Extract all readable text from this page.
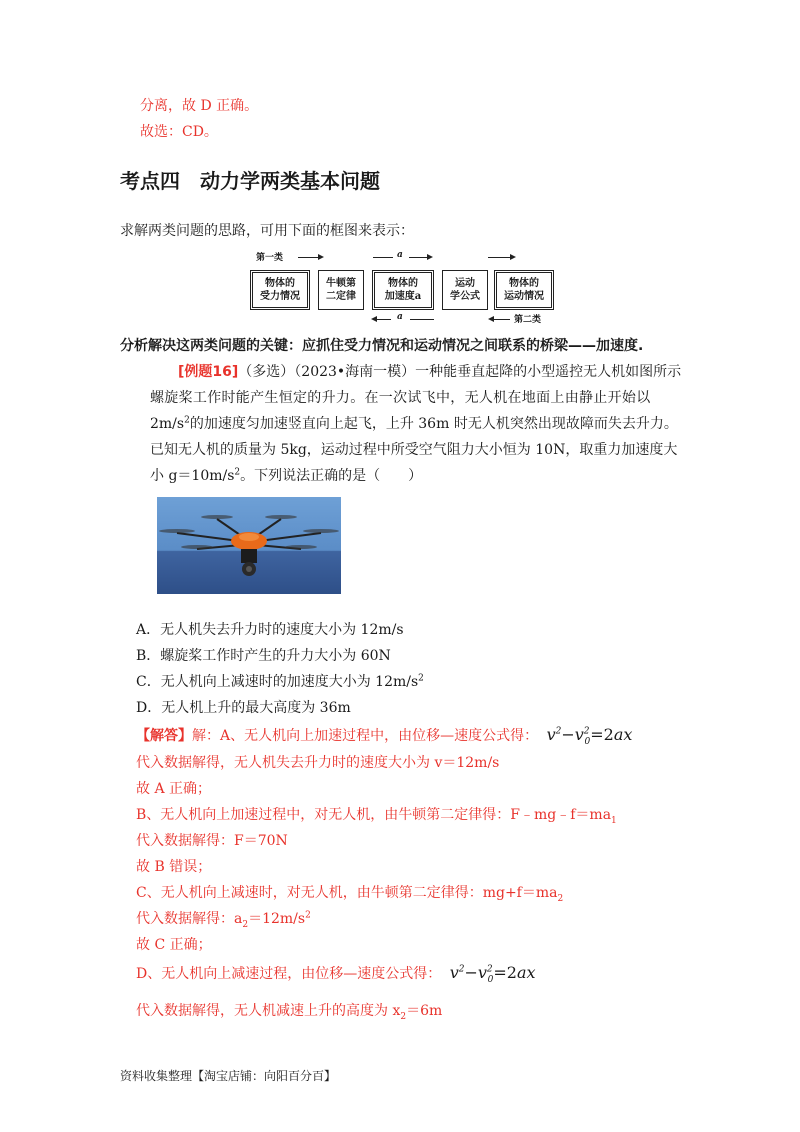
分离，故 D 正确。
故选：CD。
考点四　动力学两类基本问题
求解两类问题的思路，可用下面的框图来表示：
第一类	a
物体的
受力情况
牛顿第
二定律
物体的
加速度a
运动
学公式
物体的
运动情况
a	第二类
分析解决这两类问题的关键：应抓住受力情况和运动情况之间联系的桥梁——加速度.
[例题16]（多选）（2023•海南一模）一种能垂直起降的小型遥控无人机如图所示
螺旋桨工作时能产生恒定的升力。在一次试飞中，无人机在地面上由静止开始以
$2m/s^2$的加速度匀加速竖直向上起飞，上升 36m 时无人机突然出现故障而失去升力。
已知无人机的质量为 5kg，运动过程中所受空气阻力大小恒为 10N，取重力加速度大
小 $g=10m/s^2$。下列说法正确的是（　　）
A．无人机失去升力时的速度大小为 12m/s
B．螺旋桨工作时产生的升力大小为 60N
C．无人机向上减速时的加速度大小为 $12m/s^2$
D．无人机上升的最大高度为 36m
【解答】解：A、无人机向上加速过程中，由位移—速度公式得： $v^2-v^2_0=2ax$
代入数据解得，无人机失去升力时的速度大小为 v＝12m/s
故 A 正确；
B、无人机向上加速过程中，对无人机，由牛顿第二定律得：$F﹣mg﹣f=ma_1$
代入数据解得：F＝70N
故 B 错误；
C、无人机向上减速时，对无人机，由牛顿第二定律得：$mg+f=ma_2$
代入数据解得：$a_2=12m/s^2$
故 C 正确；
D、无人机向上减速过程，由位移—速度公式得： $v^2-v^2_0=2ax$
代入数据解得，无人机减速上升的高度为 $x_2=6m$
资料收集整理【淘宝店铺：向阳百分百】
